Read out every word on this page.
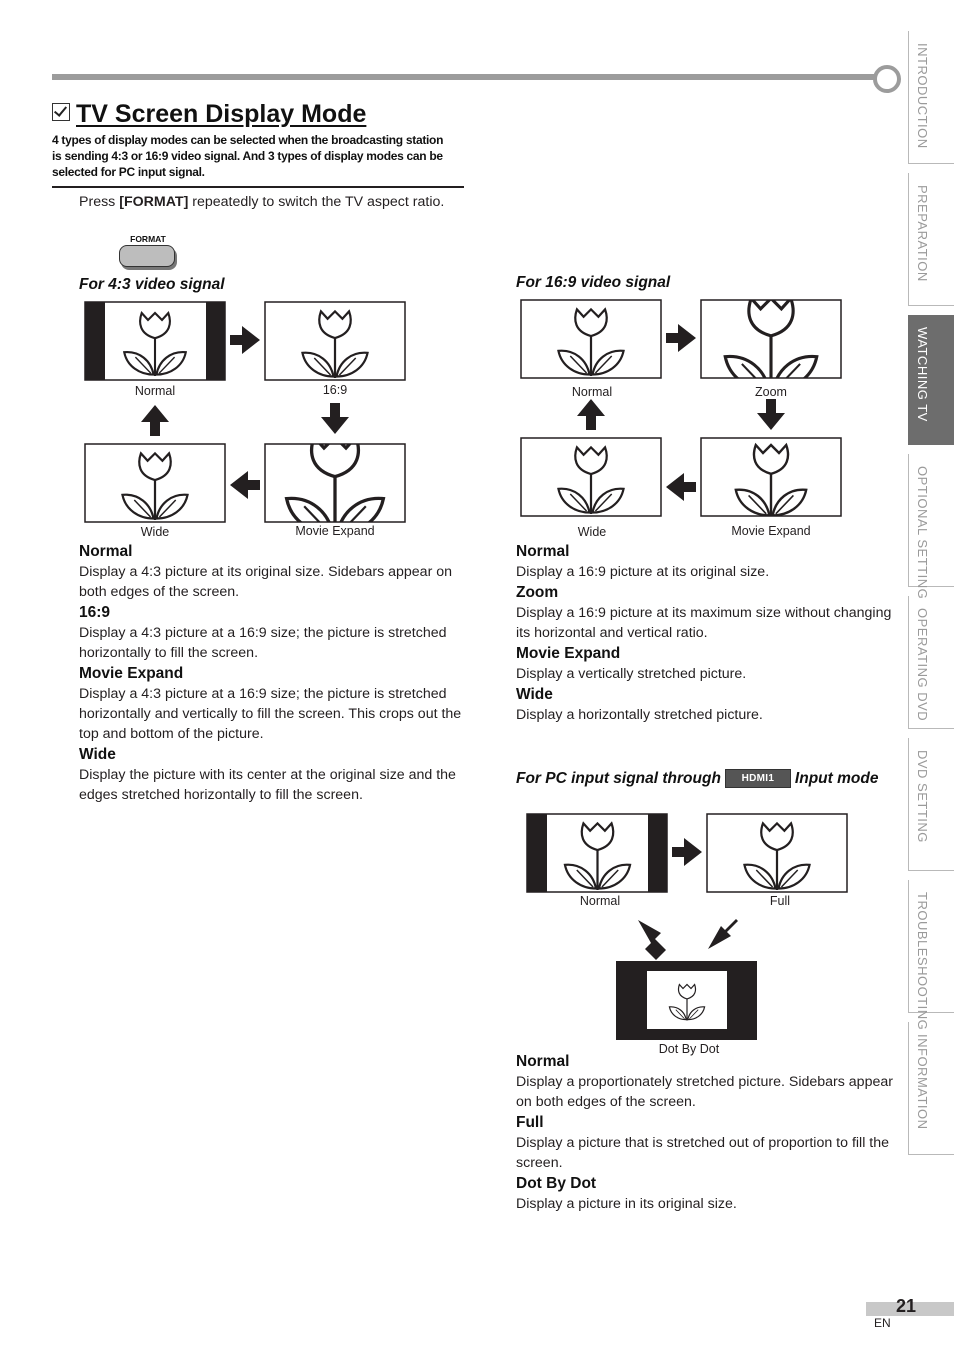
TV Screen Display Mode
4 types of display modes can be selected when the broadcasting station is sending 4:3 or 16:9 video signal. And 3 types of display modes can be selected for PC input signal.
Press [FORMAT] repeatedly to switch the TV aspect ratio.
FORMAT
For 4:3 video signal
Normal	16:9
Wide	Movie Expand
Normal
Display a 4:3 picture at its original size. Sidebars appear on both edges of the screen.
16:9
Display a 4:3 picture at a 16:9 size; the picture is stretched horizontally to fill the screen.
Movie Expand
Display a 4:3 picture at a 16:9 size; the picture is stretched horizontally and vertically to fill the screen. This crops out the top and bottom of the picture.
Wide
Display the picture with its center at the original size and the edges stretched horizontally to fill the screen.
For 16:9 video signal
Normal	Zoom
Wide	Movie Expand
Normal
Display a 16:9 picture at its original size.
Zoom
Display a 16:9 picture at its maximum size without changing its horizontal and vertical ratio.
Movie Expand
Display a vertically stretched picture.
Wide
Display a horizontally stretched picture.
For PC input signal through HDMI1 Input mode
Normal	Full
Dot By Dot
Normal
Display a proportionately stretched picture. Sidebars appear on both edges of the screen.
Full
Display a picture that is stretched out of proportion to fill the screen.
Dot By Dot
Display a picture in its original size.
INTRODUCTION
PREPARATION
WATCHING TV
OPTIONAL SETTING
OPERATING DVD
DVD SETTING
TROUBLESHOOTING
INFORMATION
21
EN
